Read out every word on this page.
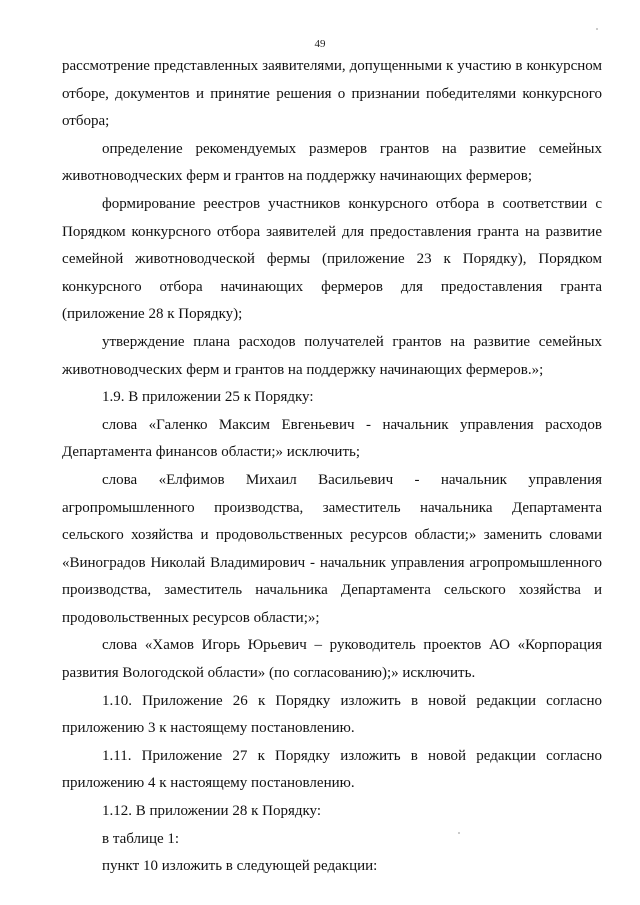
49

рассмотрение представленных заявителями, допущенными к участию в конкурсном отборе, документов и принятие решения о признании победителями конкурсного отбора;

определение рекомендуемых размеров грантов на развитие семейных животноводческих ферм и грантов на поддержку начинающих фермеров;

формирование реестров участников конкурсного отбора в соответствии с Порядком конкурсного отбора заявителей для предоставления гранта на развитие семейной животноводческой фермы (приложение 23 к Порядку), Порядком конкурсного отбора начинающих фермеров для предоставления гранта (приложение 28 к Порядку);

утверждение плана расходов получателей грантов на развитие семейных животноводческих ферм и грантов на поддержку начинающих фермеров.»;

1.9. В приложении 25 к Порядку:

слова «Галенко Максим Евгеньевич - начальник управления расходов Департамента финансов области;» исключить;

слова «Елфимов Михаил Васильевич - начальник управления агропромышленного производства, заместитель начальника Департамента сельского хозяйства и продовольственных ресурсов области;» заменить словами «Виноградов Николай Владимирович - начальник управления агропромышленного производства, заместитель начальника Департамента сельского хозяйства и продовольственных ресурсов области;»;

слова «Хамов Игорь Юрьевич – руководитель проектов АО «Корпорация развития Вологодской области» (по согласованию);» исключить.

1.10. Приложение 26 к Порядку изложить в новой редакции согласно приложению 3 к настоящему постановлению.

1.11. Приложение 27 к Порядку изложить в новой редакции согласно приложению 4 к настоящему постановлению.

1.12. В приложении 28 к Порядку:

в таблице 1:

пункт 10 изложить в следующей редакции:
